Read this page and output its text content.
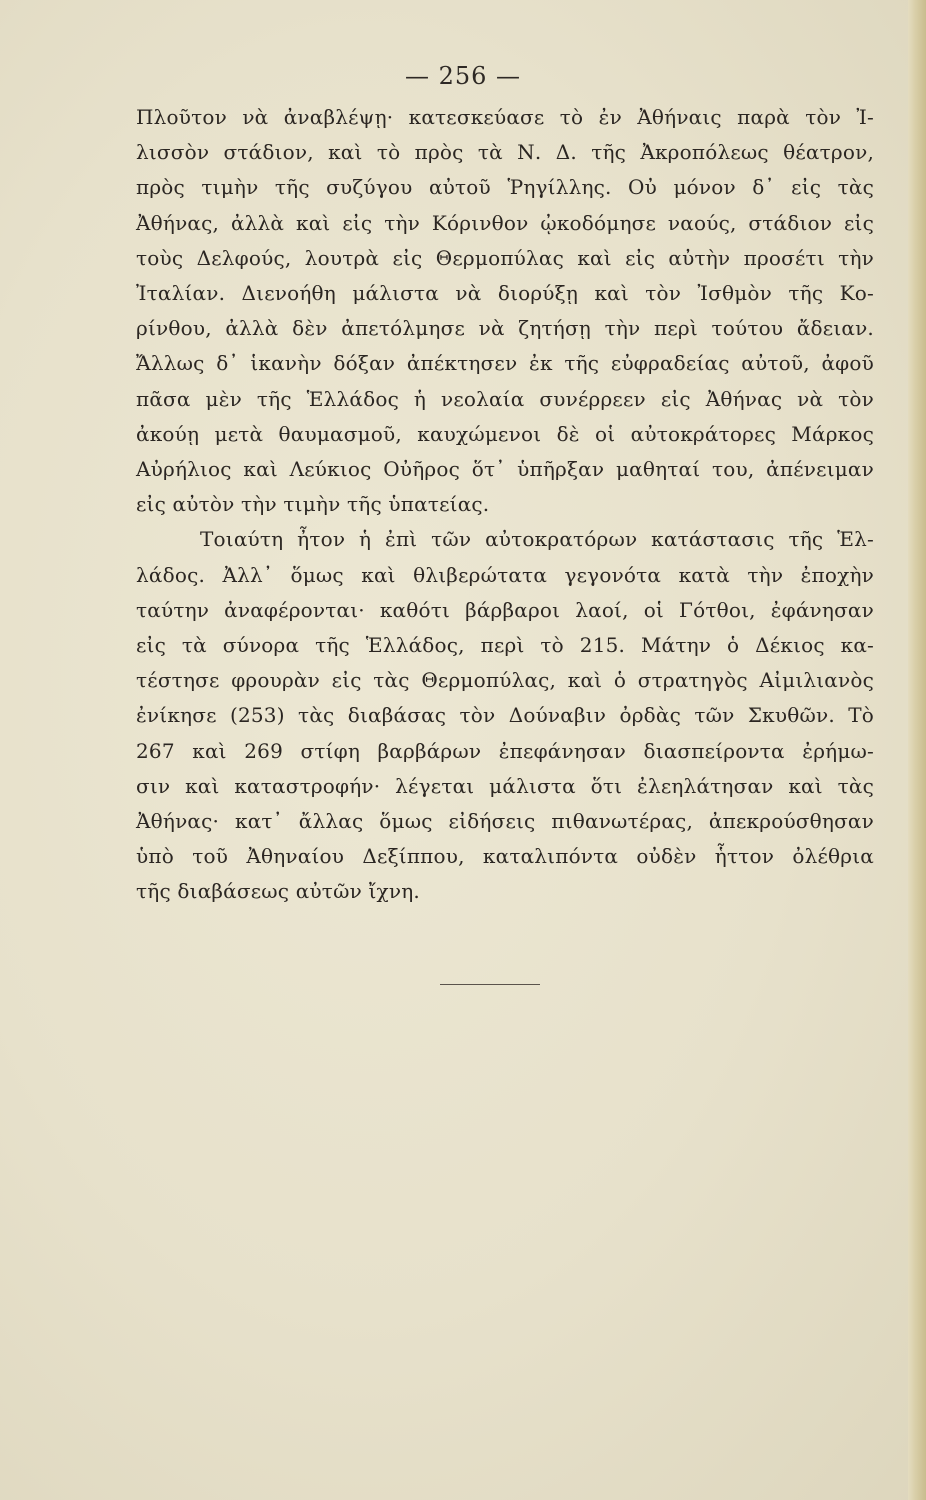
— 256 —

Πλοῦτον νὰ ἀναβλέψῃ· κατεσκεύασε τὸ ἐν Ἀθήναις παρὰ τὸν Ἰ-
λισσὸν στάδιον, καὶ τὸ πρὸς τὰ Ν. Δ. τῆς Ἀκροπόλεως θέατρον,
πρὸς τιμὴν τῆς συζύγου αὐτοῦ Ῥηγίλλης. Οὐ μόνον δ᾿ εἰς τὰς
Ἀθήνας, ἀλλὰ καὶ εἰς τὴν Κόρινθον ᾠκοδόμησε ναούς, στάδιον εἰς
τοὺς Δελφούς, λουτρὰ εἰς Θερμοπύλας καὶ εἰς αὐτὴν προσέτι τὴν
Ἰταλίαν. Διενοήθη μάλιστα νὰ διορύξῃ καὶ τὸν Ἰσθμὸν τῆς Κο-
ρίνθου, ἀλλὰ δὲν ἀπετόλμησε νὰ ζητήσῃ τὴν περὶ τούτου ἄδειαν.
Ἄλλως δ᾿ ἱκανὴν δόξαν ἀπέκτησεν ἐκ τῆς εὐφραδείας αὐτοῦ, ἀφοῦ
πᾶσα μὲν τῆς Ἑλλάδος ἡ νεολαία συνέρρεεν εἰς Ἀθήνας νὰ τὸν
ἀκούῃ μετὰ θαυμασμοῦ, καυχώμενοι δὲ οἱ αὐτοκράτορες Μάρκος
Αὐρήλιος καὶ Λεύκιος Οὐῆρος ὅτ᾿ ὑπῆρξαν μαθηταί του, ἀπένειμαν
εἰς αὐτὸν τὴν τιμὴν τῆς ὑπατείας.

Τοιαύτη ἦτον ἡ ἐπὶ τῶν αὐτοκρατόρων κατάστασις τῆς Ἑλ-
λάδος. Ἀλλ᾿ ὅμως καὶ θλιβερώτατα γεγονότα κατὰ τὴν ἐποχὴν
ταύτην ἀναφέρονται· καθότι βάρβαροι λαοί, οἱ Γότθοι, ἐφάνησαν
εἰς τὰ σύνορα τῆς Ἑλλάδος, περὶ τὸ 215. Μάτην ὁ Δέκιος κα-
τέστησε φρουρὰν εἰς τὰς Θερμοπύλας, καὶ ὁ στρατηγὸς Αἰμιλιανὸς
ἐνίκησε (253) τὰς διαβάσας τὸν Δούναβιν ὀρδὰς τῶν Σκυθῶν. Τὸ
267 καὶ 269 στίφη βαρβάρων ἐπεφάνησαν διασπείροντα ἐρήμω-
σιν καὶ καταστροφήν· λέγεται μάλιστα ὅτι ἐλεηλάτησαν καὶ τὰς
Ἀθήνας· κατ᾿ ἄλλας ὅμως εἰδήσεις πιθανωτέρας, ἀπεκρούσθησαν
ὑπὸ τοῦ Ἀθηναίου Δεξίππου, καταλιπόντα οὐδὲν ἧττον ὀλέθρια
τῆς διαβάσεως αὐτῶν ἴχνη.
